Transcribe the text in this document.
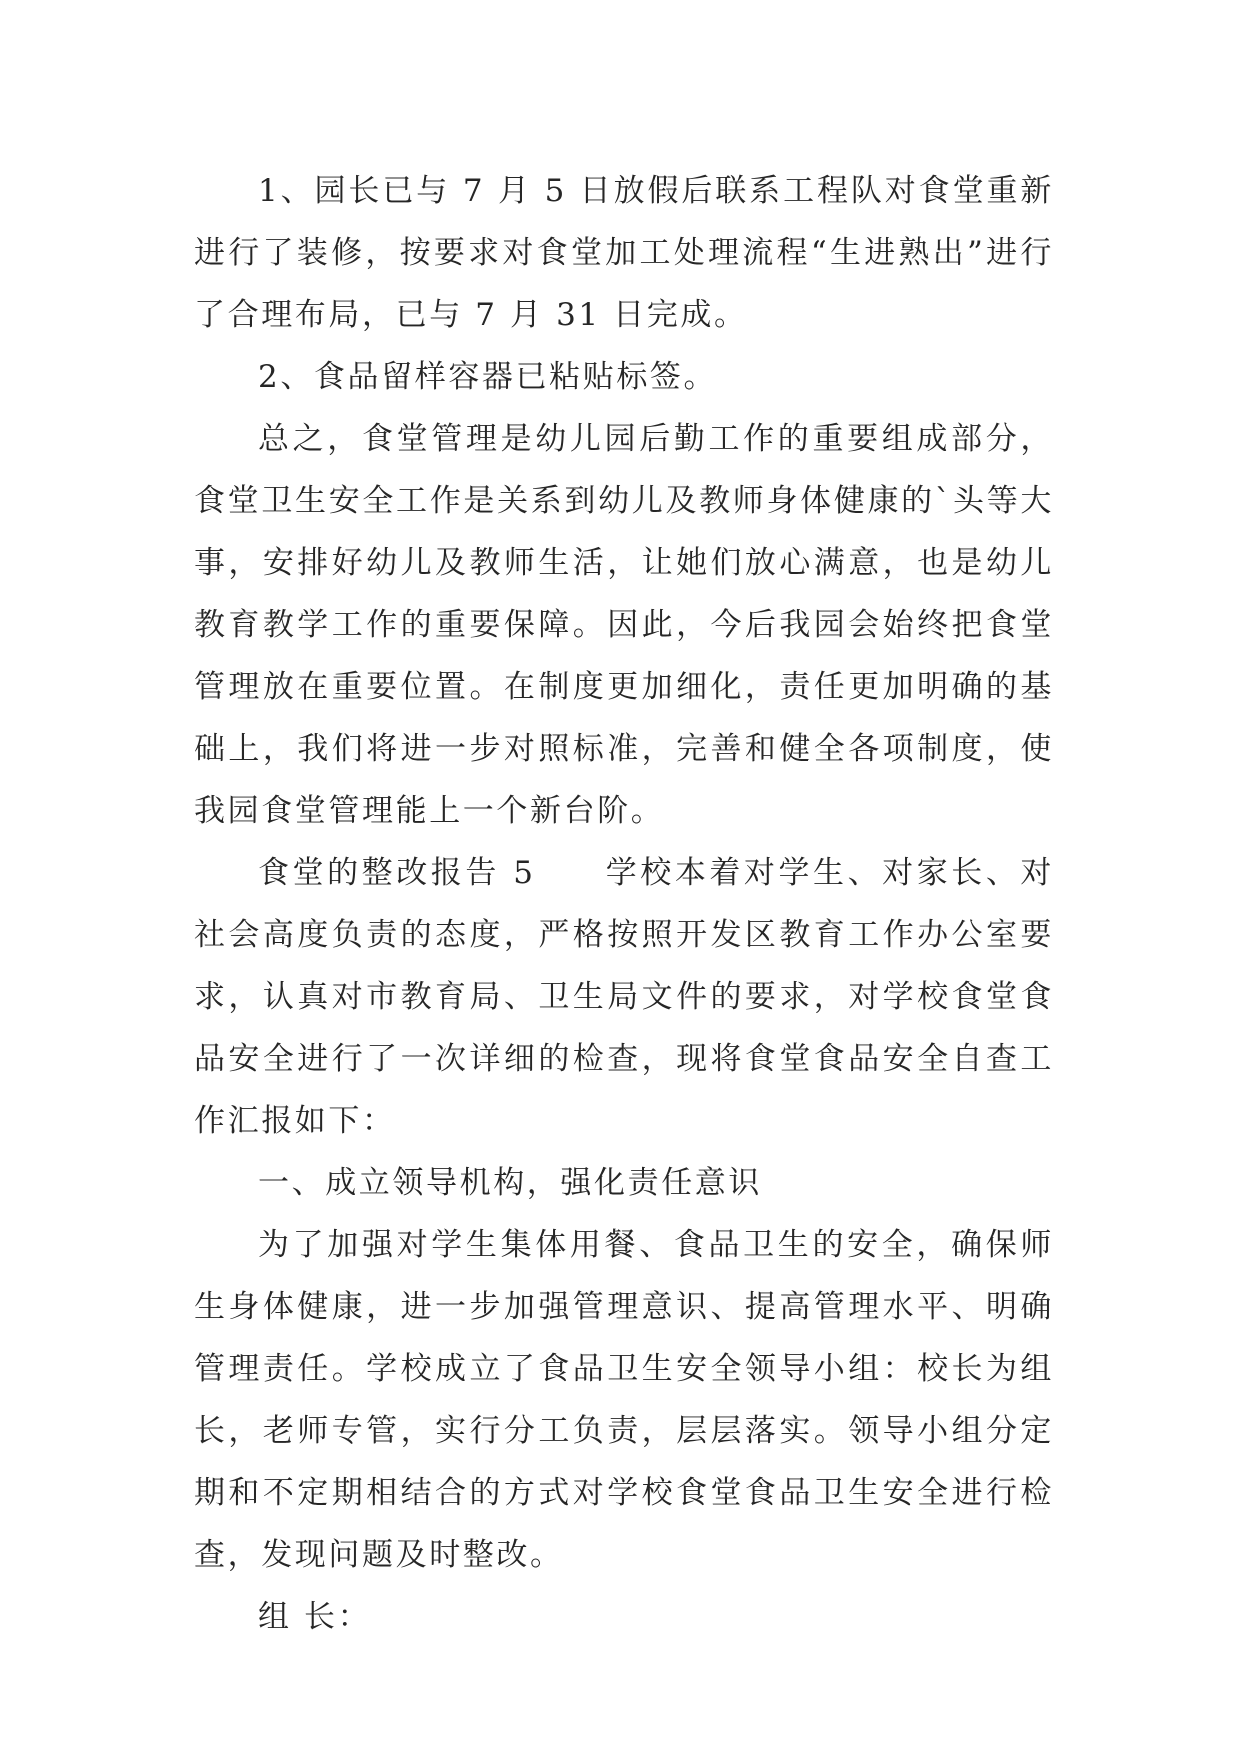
1、园长已与 7 月 5 日放假后联系工程队对食堂重新进行了装修，按要求对食堂加工处理流程“生进熟出”进行了合理布局，已与 7 月 31 日完成。

2、食品留样容器已粘贴标签。

总之，食堂管理是幼儿园后勤工作的重要组成部分，食堂卫生安全工作是关系到幼儿及教师身体健康的`头等大事，安排好幼儿及教师生活，让她们放心满意，也是幼儿教育教学工作的重要保障。因此，今后我园会始终把食堂管理放在重要位置。在制度更加细化，责任更加明确的基础上，我们将进一步对照标准，完善和健全各项制度，使我园食堂管理能上一个新台阶。

食堂的整改报告 5　　学校本着对学生、对家长、对社会高度负责的态度，严格按照开发区教育工作办公室要求，认真对市教育局、卫生局文件的要求，对学校食堂食品安全进行了一次详细的检查，现将食堂食品安全自查工作汇报如下：

一、成立领导机构，强化责任意识

为了加强对学生集体用餐、食品卫生的安全，确保师生身体健康，进一步加强管理意识、提高管理水平、明确管理责任。学校成立了食品卫生安全领导小组：校长为组长，老师专管，实行分工负责，层层落实。领导小组分定期和不定期相结合的方式对学校食堂食品卫生安全进行检查，发现问题及时整改。

组 长：
